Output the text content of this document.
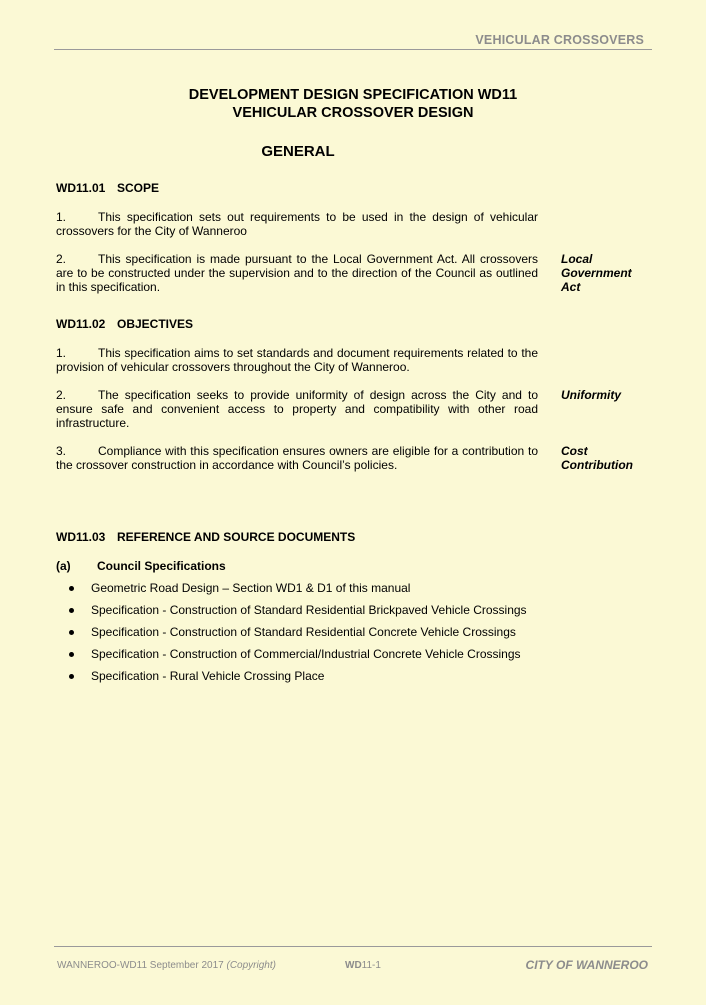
VEHICULAR CROSSOVERS
DEVELOPMENT DESIGN SPECIFICATION WD11
VEHICULAR CROSSOVER DESIGN
GENERAL
WD11.01 SCOPE
1.	This specification sets out requirements to be used in the design of vehicular crossovers for the City of Wanneroo
2.	This specification is made pursuant to the Local Government Act. All crossovers are to be constructed under the supervision and to the direction of the Council as outlined in this specification.
Local
Government
Act
WD11.02 OBJECTIVES
1.	This specification aims to set standards and document requirements related to the provision of vehicular crossovers throughout the City of Wanneroo.
2.	The specification seeks to provide uniformity of design across the City and to ensure safe and convenient access to property and compatibility with other road infrastructure.
Uniformity
3.	Compliance with this specification ensures owners are eligible for a contribution to the crossover construction in accordance with Council’s policies.
Cost
Contribution
WD11.03 REFERENCE AND SOURCE DOCUMENTS
(a) Council Specifications
Geometric Road Design – Section WD1 & D1 of this manual
Specification - Construction of Standard Residential Brickpaved Vehicle Crossings
Specification - Construction of Standard Residential Concrete Vehicle Crossings
Specification - Construction of Commercial/Industrial Concrete Vehicle Crossings
Specification - Rural Vehicle Crossing Place
WANNEROO-WD11 September 2017 (Copyright)	WD11-1	CITY OF WANNEROO
